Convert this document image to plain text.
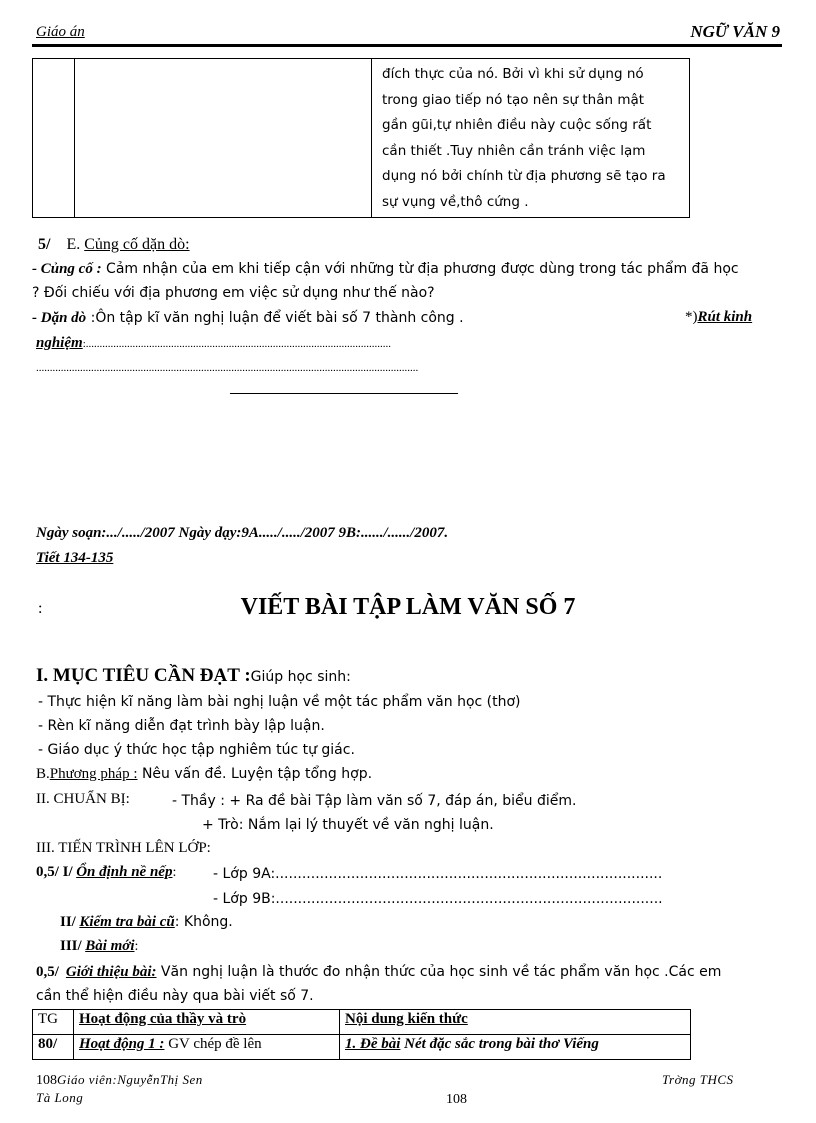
Giáo án	NGỮ VĂN 9

đích thực của nó. Bởi vì khi sử dụng nó
trong giao tiếp nó tạo nên sự thân mật
gần gũi,tự nhiên điều này cuộc sống rất
cần thiết .Tuy nhiên cần tránh việc lạm
dụng nó bởi chính từ địa phương sẽ tạo ra
sự vụng về,thô cứng .
5/ E. Củng cố dặn dò:
- Củng cố : Cảm nhận của em khi tiếp cận với những từ địa phương được dùng trong tác phẩm đã học
? Đối chiếu với địa phương em việc sử dụng như thế nào?
- Dặn dò :Ôn tập kĩ văn nghị luận để viết bài số 7 thành công .	*)Rút kinh
nghiệm:...............................................................................................................
...........................................................................................................................................
Ngày soạn:.../...../2007 Ngày dạy:9A...../...../2007 9B:....../....../2007.
Tiết 134-135
:	VIẾT BÀI TẬP LÀM VĂN SỐ 7
I. MỤC TIÊU CẦN ĐẠT :Giúp học sinh:
- Thực hiện kĩ năng làm bài nghị luận về một tác phẩm văn học (thơ)
- Rèn kĩ năng diễn đạt trình bày lập luận.
- Giáo dục ý thức học tập nghiêm túc tự giác.
B.Phương pháp : Nêu vấn đề. Luyện tập tổng hợp.
II. CHUẨN BỊ:	- Thầy : + Ra đề bài Tập làm văn số 7, đáp án, biểu điểm.
+ Trò: Nắm lại lý thuyết về văn nghị luận.
III. TIẾN TRÌNH LÊN LỚP:
0,5/ I/ Ổn định nề nếp:	- Lớp 9A:.......................................................................................
- Lớp 9B:.......................................................................................
II/ Kiểm tra bài cũ: Không.
III/ Bài mới:
0,5/ Giới thiệu bài: Văn nghị luận là thước đo nhận thức của học sinh về tác phẩm văn học .Các em
cần thể hiện điều này qua bài viết số 7.
TG	Hoạt động của thầy và trò	Nội dung kiến thức
80/	Hoạt động 1 : GV chép đề lên	1. Đề bài Nét đặc sắc trong bài thơ Viếng
108Giáo viên:NguyễnThị Sen
Tà Long
Trờng THCS
108
